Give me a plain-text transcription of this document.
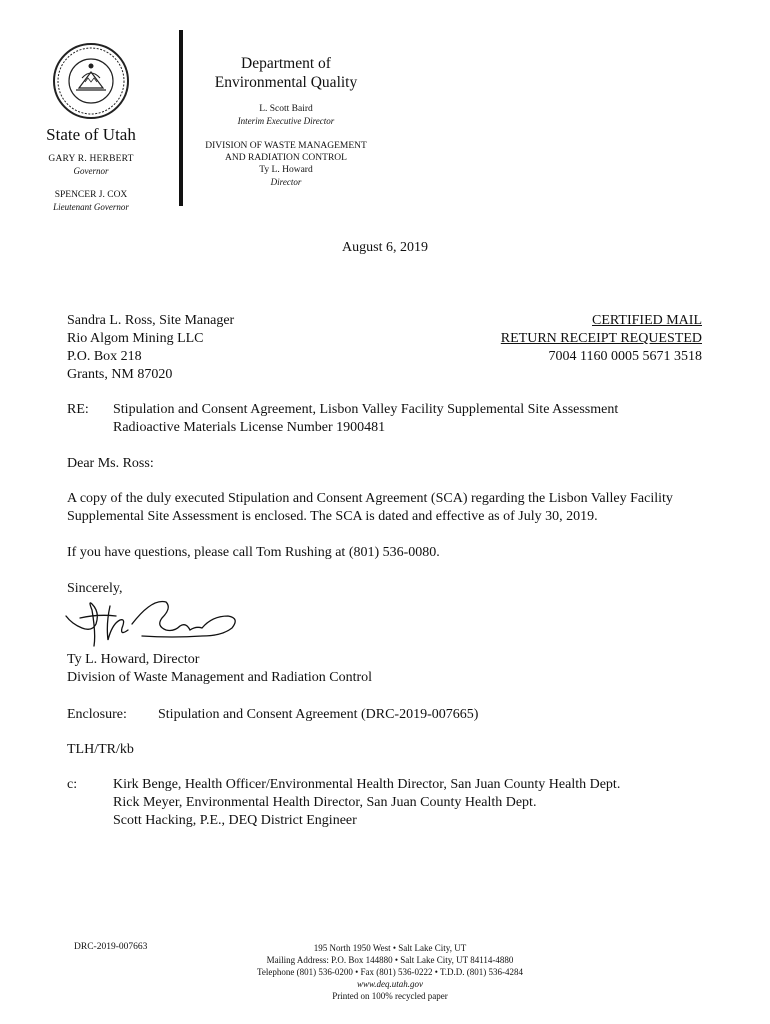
State of Utah
GARY R. HERBERT
Governor
SPENCER J. COX
Lieutenant Governor
Department of
Environmental Quality
L. Scott Baird
Interim Executive Director
DIVISION OF WASTE MANAGEMENT
AND RADIATION CONTROL
Ty L. Howard
Director
August 6, 2019
Sandra L. Ross, Site Manager
Rio Algom Mining LLC
P.O. Box 218
Grants, NM 87020
CERTIFIED MAIL
RETURN RECEIPT REQUESTED
7004 1160 0005 5671 3518
RE: Stipulation and Consent Agreement, Lisbon Valley Facility Supplemental Site Assessment
Radioactive Materials License Number 1900481
Dear Ms. Ross:
A copy of the duly executed Stipulation and Consent Agreement (SCA) regarding the Lisbon Valley Facility Supplemental Site Assessment is enclosed. The SCA is dated and effective as of July 30, 2019.
If you have questions, please call Tom Rushing at (801) 536-0080.
Sincerely,
Ty L. Howard, Director
Division of Waste Management and Radiation Control
Enclosure: Stipulation and Consent Agreement (DRC-2019-007665)
TLH/TR/kb
c:	Kirk Benge, Health Officer/Environmental Health Director, San Juan County Health Dept.
Rick Meyer, Environmental Health Director, San Juan County Health Dept.
Scott Hacking, P.E., DEQ District Engineer
DRC-2019-007663	195 North 1950 West • Salt Lake City, UT
Mailing Address: P.O. Box 144880 • Salt Lake City, UT 84114-4880
Telephone (801) 536-0200 • Fax (801) 536-0222 • T.D.D. (801) 536-4284
www.deq.utah.gov
Printed on 100% recycled paper
